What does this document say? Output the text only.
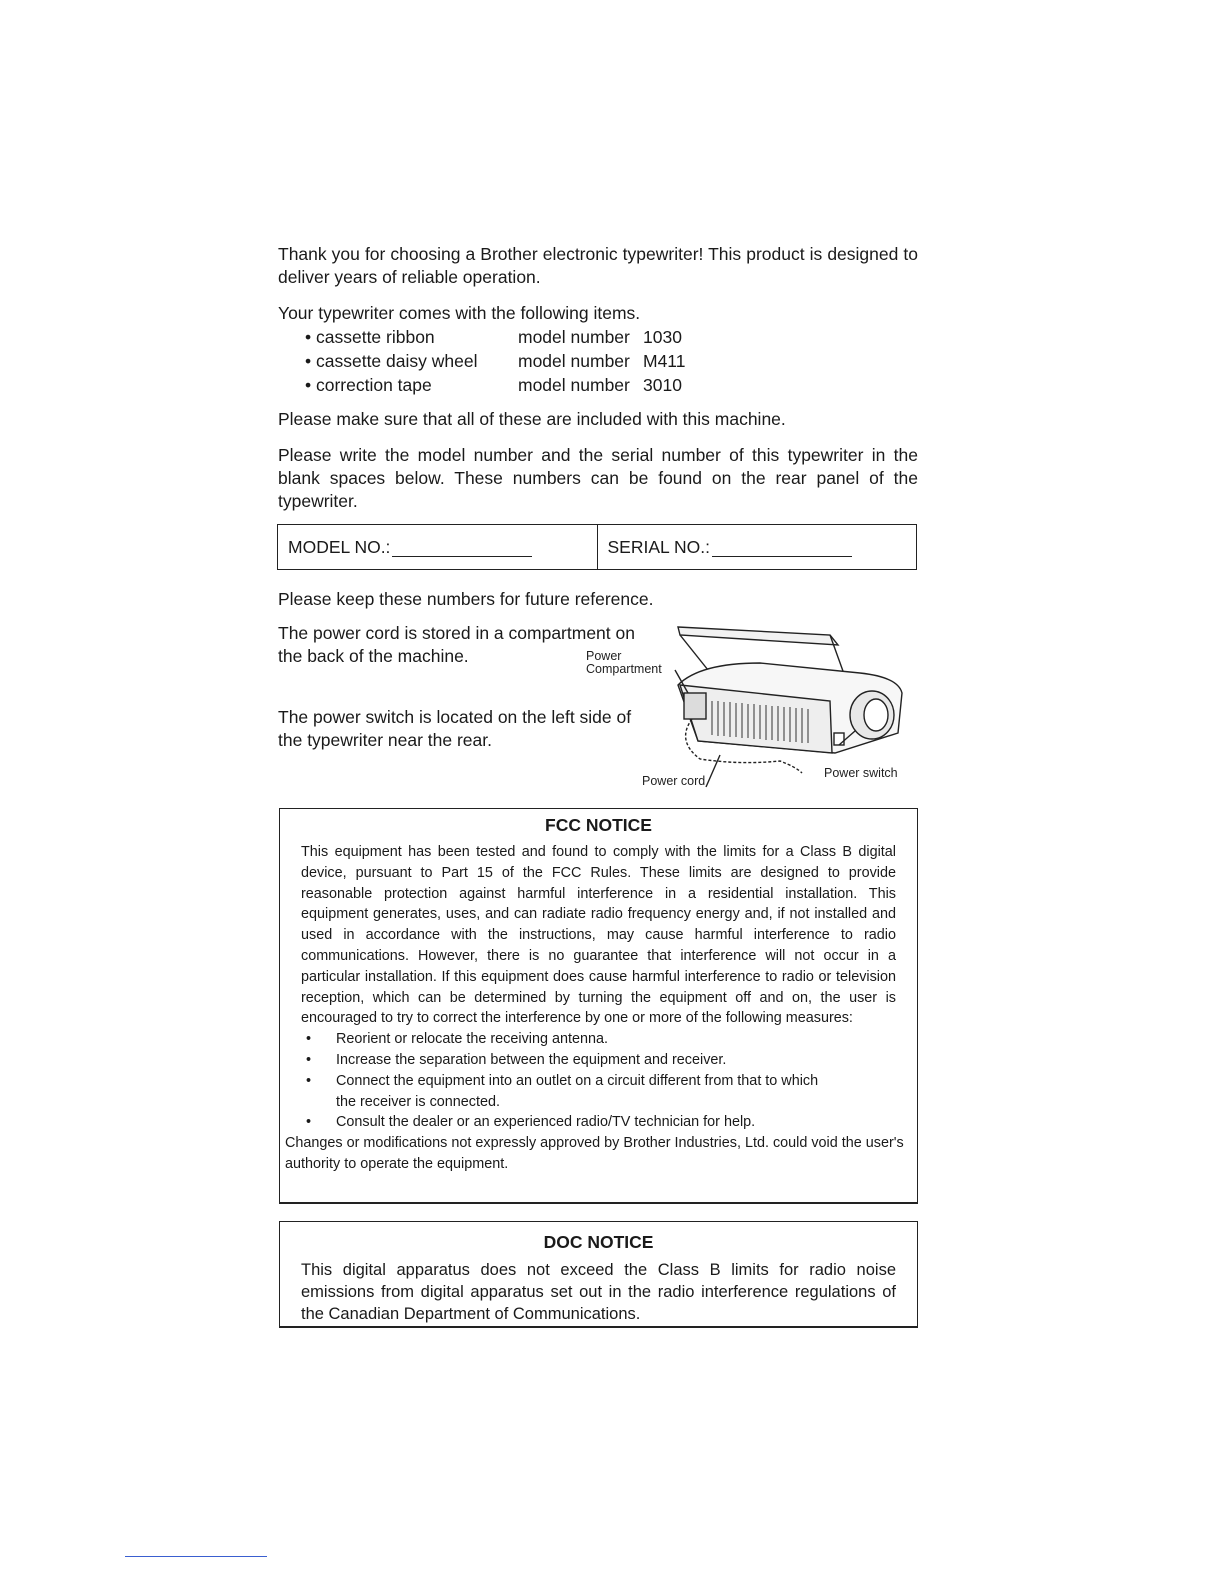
Thank you for choosing a Brother electronic typewriter! This product is designed to deliver years of reliable operation.

Your typewriter comes with the following items.

• cassette ribbon	model number 1030
• cassette daisy wheel	model number M411
• correction tape	model number 3010

Please make sure that all of these are included with this machine.

Please write the model number and the serial number of this typewriter in the blank spaces below. These numbers can be found on the rear panel of the typewriter.

MODEL NO.:	SERIAL NO.:

Please keep these numbers for future reference.

The power cord is stored in a compartment on the back of the machine.

The power switch is located on the left side of the typewriter near the rear.

Power
Compartment
Power cord
Power switch
FCC NOTICE
This equipment has been tested and found to comply with the limits for a Class B digital device, pursuant to Part 15 of the FCC Rules. These limits are designed to provide reasonable protection against harmful interference in a residential installation. This equipment generates, uses, and can radiate radio frequency energy and, if not installed and used in accordance with the instructions, may cause harmful interference to radio communications. However, there is no guarantee that interference will not occur in a particular installation. If this equipment does cause harmful interference to radio or television reception, which can be determined by turning the equipment off and on, the user is encouraged to try to correct the interference by one or more of the following measures:
• Reorient or relocate the receiving antenna.
• Increase the separation between the equipment and receiver.
• Connect the equipment into an outlet on a circuit different from that to which the receiver is connected.
• Consult the dealer or an experienced radio/TV technician for help.
Changes or modifications not expressly approved by Brother Industries, Ltd. could void the user's authority to operate the equipment.
DOC NOTICE
This digital apparatus does not exceed the Class B limits for radio noise emissions from digital apparatus set out in the radio interference regulations of the Canadian Department of Communications.
